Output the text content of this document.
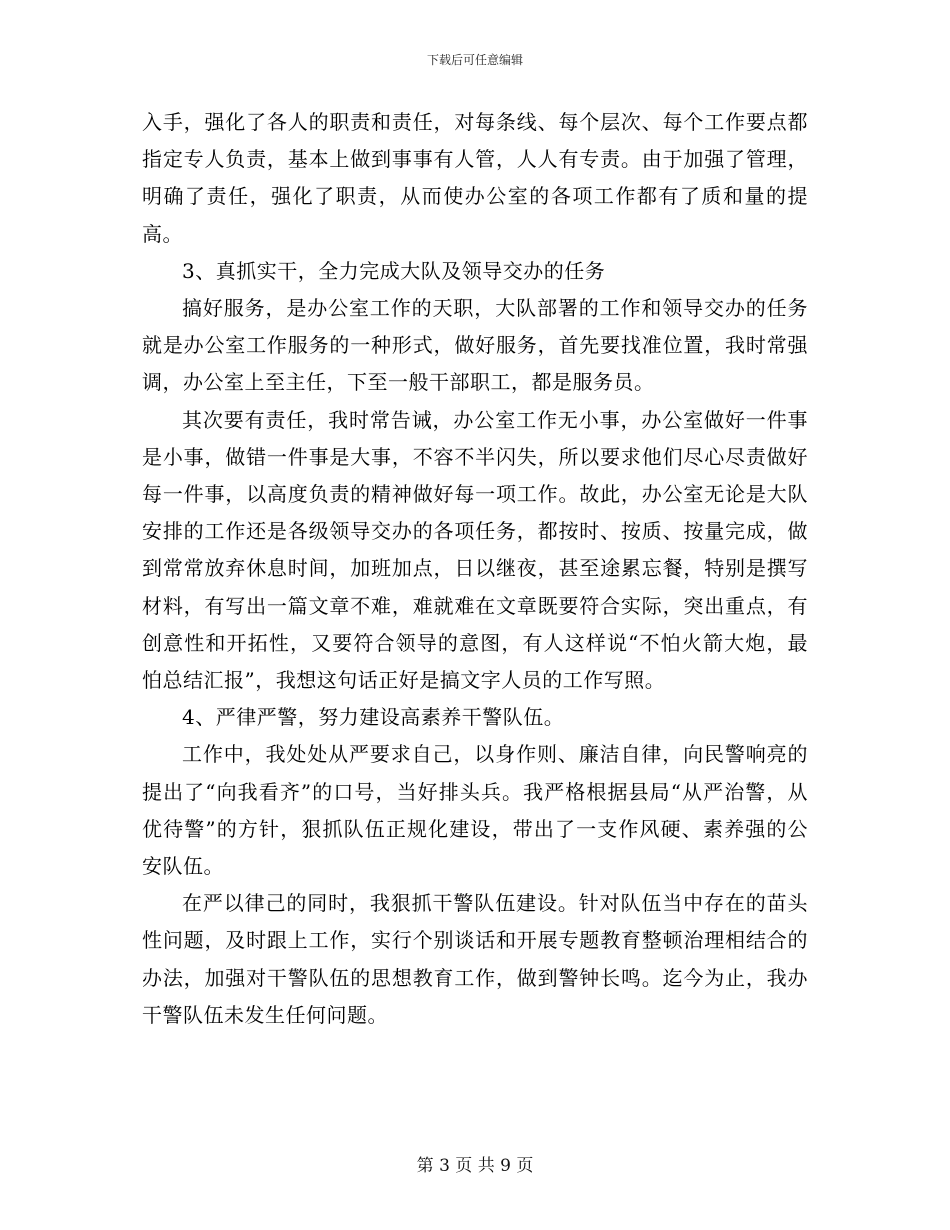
下载后可任意编辑

入手，强化了各人的职责和责任，对每条线、每个层次、每个工作要点都指定专人负责，基本上做到事事有人管，人人有专责。由于加强了管理，明确了责任，强化了职责，从而使办公室的各项工作都有了质和量的提高。

3、真抓实干，全力完成大队及领导交办的任务

搞好服务，是办公室工作的天职，大队部署的工作和领导交办的任务就是办公室工作服务的一种形式，做好服务，首先要找准位置，我时常强调，办公室上至主任，下至一般干部职工，都是服务员。

其次要有责任，我时常告诫，办公室工作无小事，办公室做好一件事是小事，做错一件事是大事，不容不半闪失，所以要求他们尽心尽责做好每一件事，以高度负责的精神做好每一项工作。故此，办公室无论是大队安排的工作还是各级领导交办的各项任务，都按时、按质、按量完成，做到常常放弃休息时间，加班加点，日以继夜，甚至途累忘餐，特别是撰写材料，有写出一篇文章不难，难就难在文章既要符合实际，突出重点，有创意性和开拓性，又要符合领导的意图，有人这样说“不怕火箭大炮，最怕总结汇报”，我想这句话正好是搞文字人员的工作写照。

4、严律严警，努力建设高素养干警队伍。

工作中，我处处从严要求自己，以身作则、廉洁自律，向民警响亮的提出了“向我看齐”的口号，当好排头兵。我严格根据县局“从严治警，从优待警”的方针，狠抓队伍正规化建设，带出了一支作风硬、素养强的公安队伍。

在严以律己的同时，我狠抓干警队伍建设。针对队伍当中存在的苗头性问题，及时跟上工作，实行个别谈话和开展专题教育整顿治理相结合的办法，加强对干警队伍的思想教育工作，做到警钟长鸣。迄今为止，我办干警队伍未发生任何问题。

第 3 页 共 9 页
